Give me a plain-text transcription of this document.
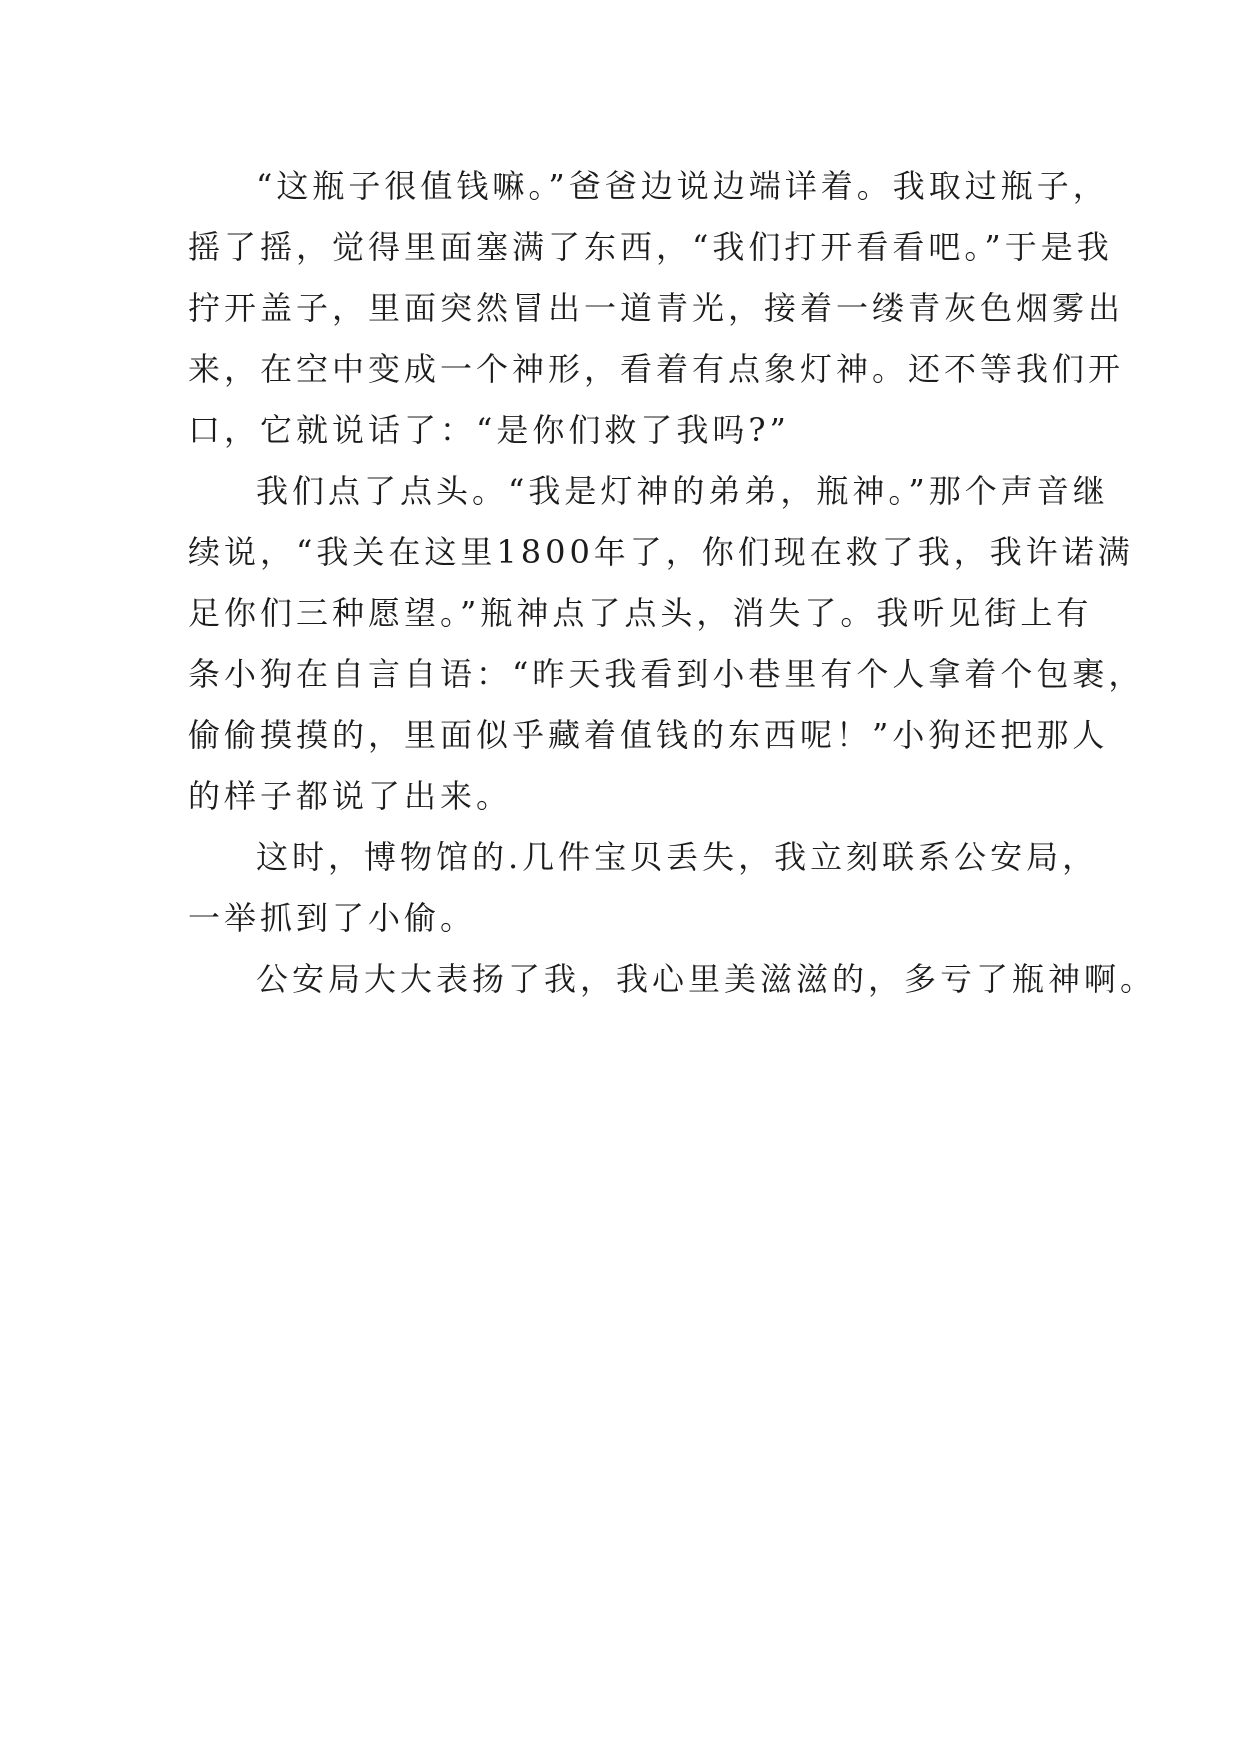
“这瓶子很值钱嘛。”爸爸边说边端详着。我取过瓶子，
摇了摇，觉得里面塞满了东西，“我们打开看看吧。”于是我
拧开盖子，里面突然冒出一道青光，接着一缕青灰色烟雾出
来，在空中变成一个神形，看着有点象灯神。还不等我们开
口，它就说话了：“是你们救了我吗?”
我们点了点头。“我是灯神的弟弟，瓶神。”那个声音继
续说，“我关在这里1800年了，你们现在救了我，我许诺满
足你们三种愿望。”瓶神点了点头，消失了。我听见街上有
条小狗在自言自语：“昨天我看到小巷里有个人拿着个包裹，
偷偷摸摸的，里面似乎藏着值钱的东西呢！”小狗还把那人
的样子都说了出来。
这时，博物馆的.几件宝贝丢失，我立刻联系公安局，
一举抓到了小偷。
公安局大大表扬了我，我心里美滋滋的，多亏了瓶神啊。
